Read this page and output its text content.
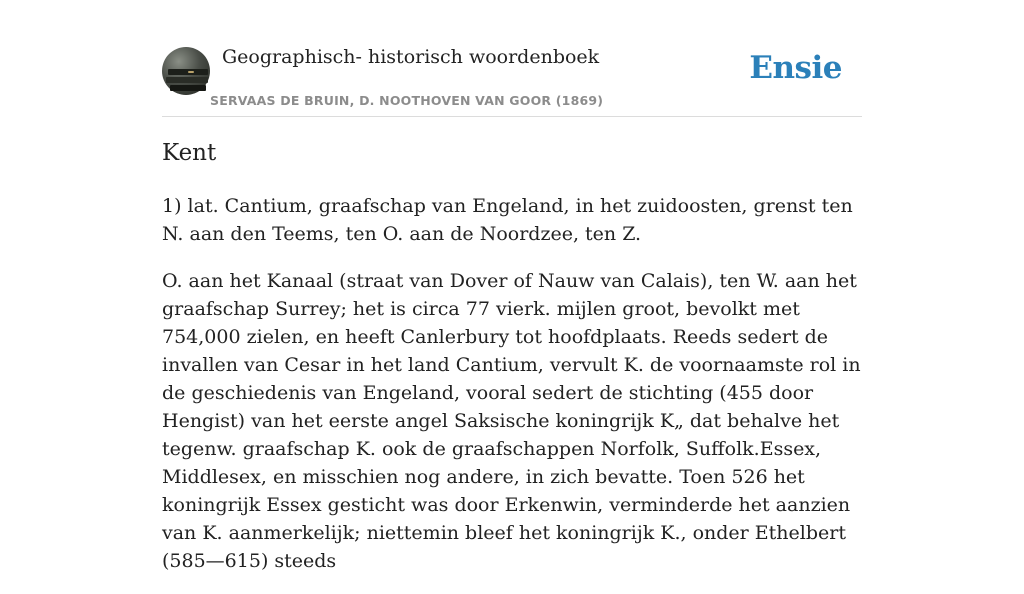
Geographisch- historisch woordenboek
SERVAAS DE BRUIN, D. NOOTHOVEN VAN GOOR (1869)
Ensie
Kent

1) lat. Cantium, graafschap van Engeland, in het zuidoosten, grenst ten N. aan den Teems, ten O. aan de Noordzee, ten Z.

O. aan het Kanaal (straat van Dover of Nauw van Calais), ten W. aan het graafschap Surrey; het is circa 77 vierk. mijlen groot, bevolkt met 754,000 zielen, en heeft Canlerbury tot hoofdplaats. Reeds sedert de invallen van Cesar in het land Cantium, vervult K. de voornaamste rol in de geschiedenis van Engeland, vooral sedert de stichting (455 door Hengist) van het eerste angel Saksische koningrijk K„ dat behalve het tegenw. graafschap K. ook de graafschappen Norfolk, Suffolk.Essex, Middlesex, en misschien nog andere, in zich bevatte. Toen 526 het koningrijk Essex gesticht was door Erkenwin, verminderde het aanzien van K. aanmerkelijk; niettemin bleef het koningrijk K., onder Ethelbert (585—615) steeds
